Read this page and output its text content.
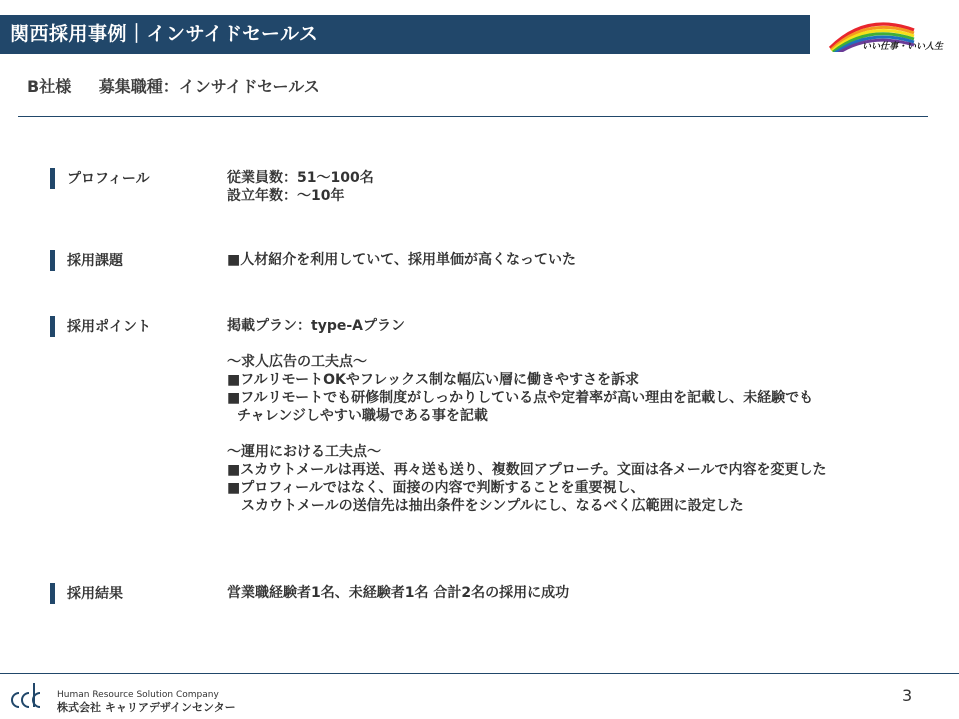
関西採用事例｜インサイドセールス
いい仕事・いい人生
B社様 募集職種：インサイドセールス
プロフィール	従業員数：51～100名
設立年数：～10年
採用課題	■人材紹介を利用していて、採用単価が高くなっていた
採用ポイント	掲載プラン：type-Aプラン
～求人広告の工夫点～
■フルリモートOKやフレックス制な幅広い層に働きやすさを訴求
■フルリモートでも研修制度がしっかりしている点や定着率が高い理由を記載し、未経験でも
チャレンジしやすい職場である事を記載
～運用における工夫点～
■スカウトメールは再送、再々送も送り、複数回アプローチ。文面は各メールで内容を変更した
■プロフィールではなく、面接の内容で判断することを重要視し、
スカウトメールの送信先は抽出条件をシンプルにし、なるべく広範囲に設定した
採用結果	営業職経験者1名、未経験者1名 合計2名の採用に成功
Human Resource Solution Company
株式会社 キャリアデザインセンター
3
